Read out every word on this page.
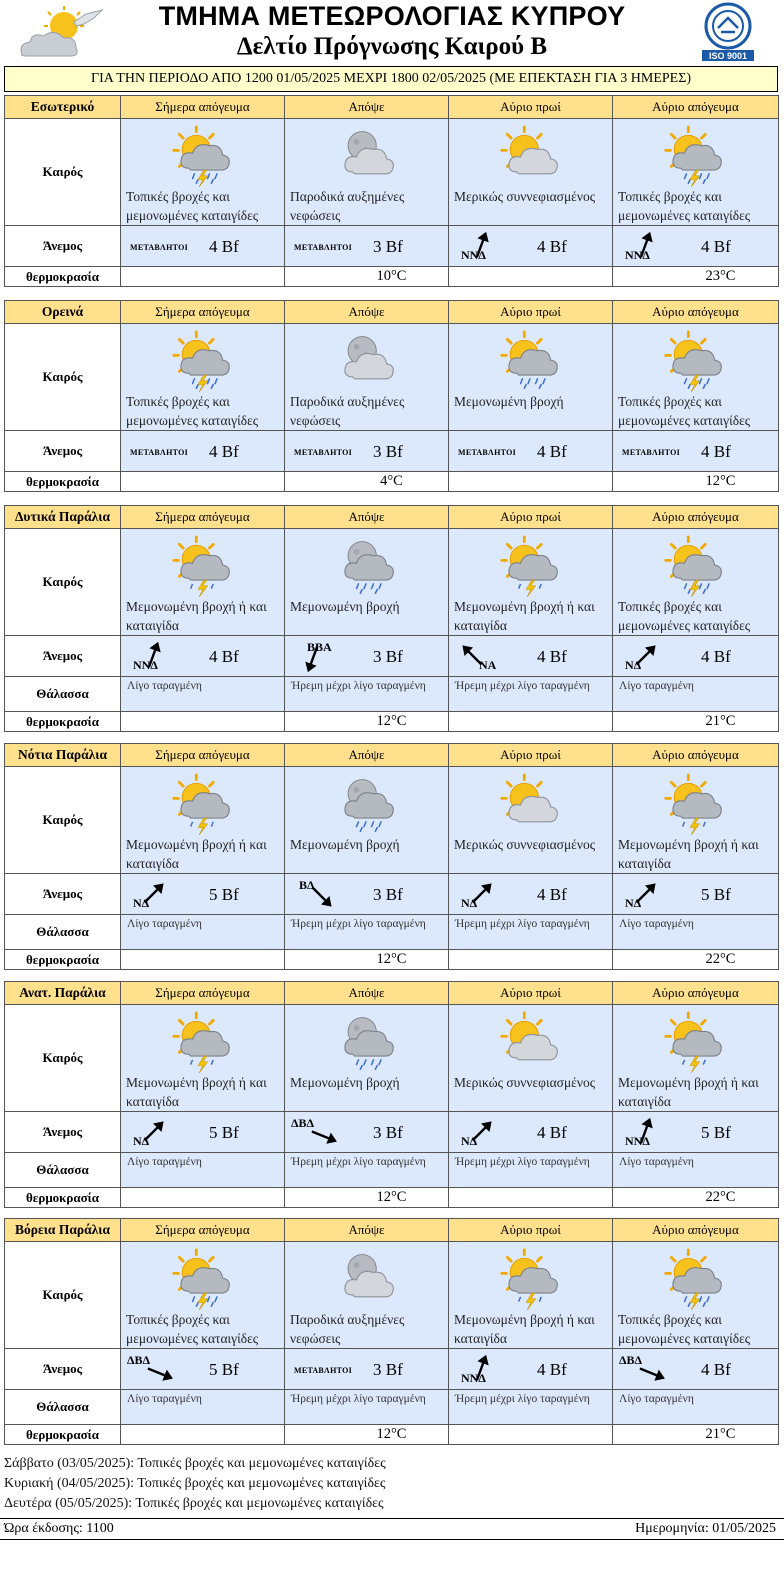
ΤΜΗΜΑ ΜΕΤΕΩΡΟΛΟΓΙΑΣ ΚΥΠΡΟΥ
Δελτίο Πρόγνωσης Καιρού Β	ISO 9001
ΓΙΑ ΤΗΝ ΠΕΡΙΟΔΟ ΑΠΟ 1200 01/05/2025 ΜΕΧΡΙ 1800 02/05/2025 (ΜΕ ΕΠΕΚΤΑΣΗ ΓΙΑ 3 ΗΜΕΡΕΣ)
Εσωτερικό	Σήμερα απόγευμα	Απόψε	Αύριο πρωί	Αύριο απόγευμα
Καιρός	Τοπικές βροχές και μεμονωμένες καταιγίδες	Παροδικά αυξημένες νεφώσεις	Μερικώς συννεφιασμένος	Τοπικές βροχές και μεμονωμένες καταιγίδες

Άνεμος	ΜΕΤΑΒΛΗΤΟΙ 4 Bf	ΜΕΤΑΒΛΗΤΟΙ 3 Bf	ΝΝΔ 4 Bf	ΝΝΔ 4 Bf

θερμοκρασία		10°C		23°C
Ορεινά	Σήμερα απόγευμα	Απόψε	Αύριο πρωί	Αύριο απόγευμα
Καιρός	Τοπικές βροχές και μεμονωμένες καταιγίδες	Παροδικά αυξημένες νεφώσεις	Μεμονωμένη βροχή	Τοπικές βροχές και μεμονωμένες καταιγίδες

Άνεμος	ΜΕΤΑΒΛΗΤΟΙ 4 Bf	ΜΕΤΑΒΛΗΤΟΙ 3 Bf	ΜΕΤΑΒΛΗΤΟΙ 4 Bf	ΜΕΤΑΒΛΗΤΟΙ 4 Bf

θερμοκρασία		4°C		12°C
Δυτικά Παράλια	Σήμερα απόγευμα	Απόψε	Αύριο πρωί	Αύριο απόγευμα
Καιρός	Μεμονωμένη βροχή ή και καταιγίδα	Μεμονωμένη βροχή	Μεμονωμένη βροχή ή και καταιγίδα	Τοπικές βροχές και μεμονωμένες καταιγίδες

Άνεμος	ΝΝΔ 4 Bf	ΒΒΑ 3 Bf	ΝΑ 4 Bf	ΝΔ 4 Bf

Θάλασσα	Λίγο ταραγμένη	Ήρεμη μέχρι λίγο ταραγμένη	Ήρεμη μέχρι λίγο ταραγμένη	Λίγο ταραγμένη

θερμοκρασία		12°C		21°C
Νότια Παράλια	Σήμερα απόγευμα	Απόψε	Αύριο πρωί	Αύριο απόγευμα
Καιρός	Μεμονωμένη βροχή ή και καταιγίδα	Μεμονωμένη βροχή	Μερικώς συννεφιασμένος	Μεμονωμένη βροχή ή και καταιγίδα

Άνεμος	ΝΔ 5 Bf	ΒΔ 3 Bf	ΝΔ 4 Bf	ΝΔ 5 Bf

Θάλασσα	Λίγο ταραγμένη	Ήρεμη μέχρι λίγο ταραγμένη	Ήρεμη μέχρι λίγο ταραγμένη	Λίγο ταραγμένη

θερμοκρασία		12°C		22°C
Ανατ. Παράλια	Σήμερα απόγευμα	Απόψε	Αύριο πρωί	Αύριο απόγευμα
Καιρός	Μεμονωμένη βροχή ή και καταιγίδα	Μεμονωμένη βροχή	Μερικώς συννεφιασμένος	Μεμονωμένη βροχή ή και καταιγίδα

Άνεμος	ΝΔ 5 Bf	ΔΒΔ 3 Bf	ΝΔ 4 Bf	ΝΝΔ 5 Bf

Θάλασσα	Λίγο ταραγμένη	Ήρεμη μέχρι λίγο ταραγμένη	Ήρεμη μέχρι λίγο ταραγμένη	Λίγο ταραγμένη

θερμοκρασία		12°C		22°C
Βόρεια Παράλια	Σήμερα απόγευμα	Απόψε	Αύριο πρωί	Αύριο απόγευμα
Καιρός	Τοπικές βροχές και μεμονωμένες καταιγίδες	Παροδικά αυξημένες νεφώσεις	Μεμονωμένη βροχή ή και καταιγίδα	Τοπικές βροχές και μεμονωμένες καταιγίδες

Άνεμος	ΔΒΔ 5 Bf	ΜΕΤΑΒΛΗΤΟΙ 3 Bf	ΝΝΔ 4 Bf	ΔΒΔ 4 Bf

Θάλασσα	Λίγο ταραγμένη	Ήρεμη μέχρι λίγο ταραγμένη	Ήρεμη μέχρι λίγο ταραγμένη	Λίγο ταραγμένη

θερμοκρασία		12°C		21°C
Σάββατο (03/05/2025): Τοπικές βροχές και μεμονωμένες καταιγίδες
Κυριακή (04/05/2025): Τοπικές βροχές και μεμονωμένες καταιγίδες
Δευτέρα (05/05/2025): Τοπικές βροχές και μεμονωμένες καταιγίδες
Ώρα έκδοσης: 1100	Ημερομηνία: 01/05/2025
